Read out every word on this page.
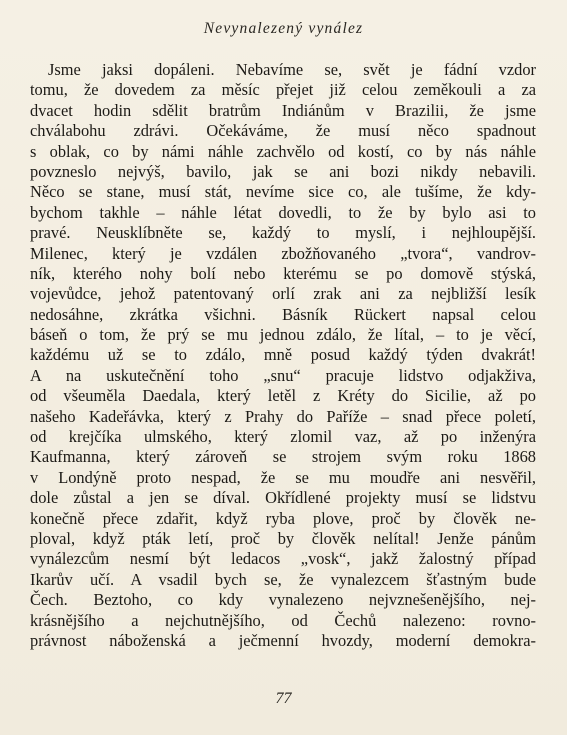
Nevynalezený vynález
Jsme jaksi dopáleni. Nebavíme se, svět je fádní vzdor
tomu, že dovedem za měsíc přejet již celou zeměkouli a za
dvacet hodin sdělit bratrům Indiánům v Brazilii, že jsme
chválabohu zdrávi. Očekáváme, že musí něco spadnout
s oblak, co by námi náhle zachvělo od kostí, co by nás náhle
povzneslo nejvýš, bavilo, jak se ani bozi nikdy nebavili.
Něco se stane, musí stát, nevíme sice co, ale tušíme, že kdy-
bychom takhle – náhle létat dovedli, to že by bylo asi to
pravé. Neusklíbněte se, každý to myslí, i nejhloupější.
Milenec, který je vzdálen zbožňovaného „tvora“, vandrov-
ník, kterého nohy bolí nebo kterému se po domově stýská,
vojevůdce, jehož patentovaný orlí zrak ani za nejbližší lesík
nedosáhne, zkrátka všichni. Básník Rückert napsal celou
báseň o tom, že prý se mu jednou zdálo, že lítal, – to je věcí,
každému už se to zdálo, mně posud každý týden dvakrát!
A na uskutečnění toho „snu“ pracuje lidstvo odjakživa,
od všeuměla Daedala, který letěl z Kréty do Sicilie, až po
našeho Kadeřávka, který z Prahy do Paříže – snad přece poletí,
od krejčíka ulmského, který zlomil vaz, až po inženýra
Kaufmanna, který zároveň se strojem svým roku 1868
v Londýně proto nespad, že se mu moudře ani nesvěřil,
dole zůstal a jen se díval. Okřídlené projekty musí se lidstvu
konečně přece zdařit, když ryba plove, proč by člověk ne-
ploval, když pták letí, proč by člověk nelítal! Jenže pánům
vynálezcům nesmí být ledacos „vosk“, jakž žalostný případ
Ikarův učí. A vsadil bych se, že vynalezcem šťastným bude
Čech. Beztoho, co kdy vynalezeno nejvznešenějšího, nej-
krásnějšího a nejchutnějšího, od Čechů nalezeno: rovno-
právnost náboženská a ječmenní hvozdy, moderní demokra-
77
